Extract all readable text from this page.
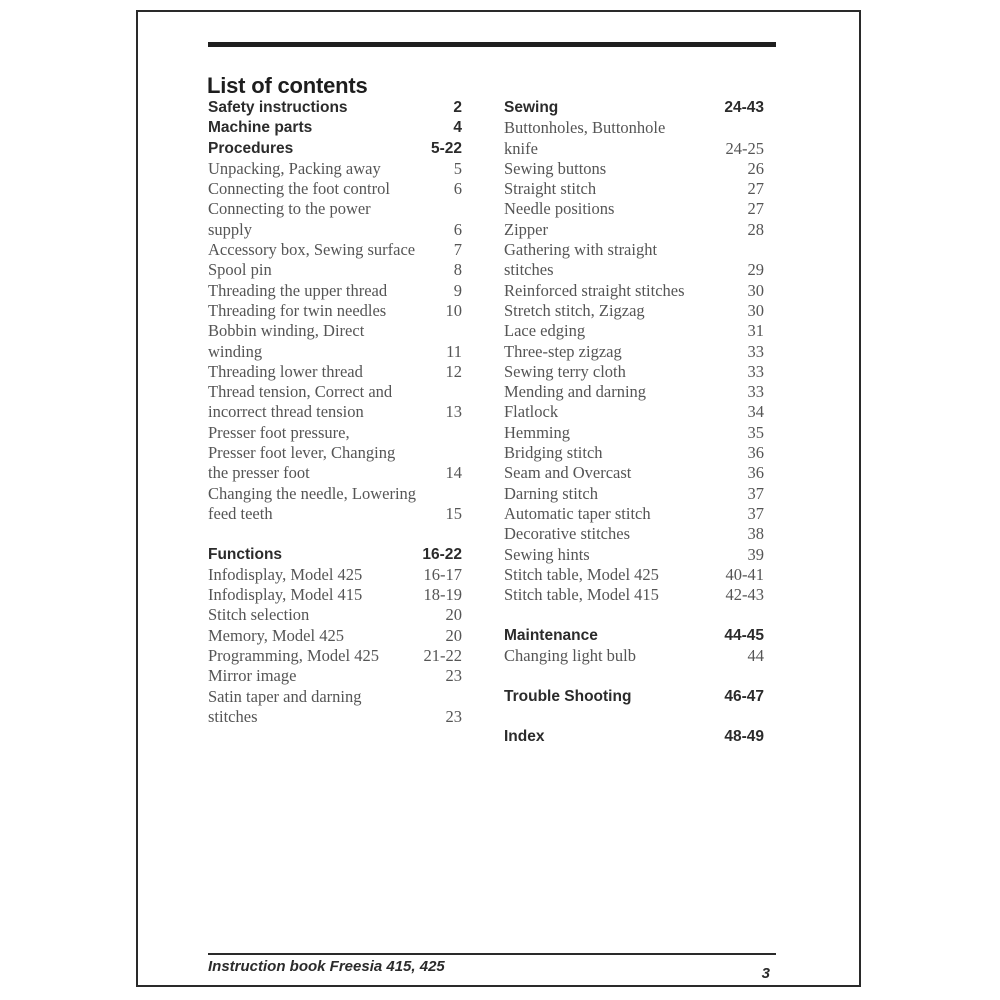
List of contents
Safety instructions	2
Machine parts	4
Procedures	5-22
Unpacking, Packing away	5
Connecting the foot control	6
Connecting to the power
supply	6
Accessory box, Sewing surface 7
Spool pin	8
Threading the upper thread	9
Threading for twin needles	10
Bobbin winding, Direct
winding	11
Threading lower thread	12
Thread tension, Correct and
incorrect thread tension	13
Presser foot pressure,
Presser foot lever, Changing
the presser foot	14
Changing the needle, Lowering
feed teeth	15
Functions	16-22
Infodisplay, Model 425	16-17
Infodisplay, Model 415	18-19
Stitch selection	20
Memory, Model 425	20
Programming, Model 425	21-22
Mirror image	23
Satin taper and darning
stitches	23
Sewing	24-43
Buttonholes, Buttonhole
knife	24-25
Sewing buttons	26
Straight stitch	27
Needle positions	27
Zipper	28
Gathering with straight
stitches	29
Reinforced straight stitches	30
Stretch stitch, Zigzag	30
Lace edging	31
Three-step zigzag	33
Sewing terry cloth	33
Mending and darning	33
Flatlock	34
Hemming	35
Bridging stitch	36
Seam and Overcast	36
Darning stitch	37
Automatic taper stitch	37
Decorative stitches	38
Sewing hints	39
Stitch table, Model 425	40-41
Stitch table, Model 415	42-43
Maintenance	44-45
Changing light bulb	44
Trouble Shooting	46-47
Index	48-49
Instruction book Freesia 415, 425	3
